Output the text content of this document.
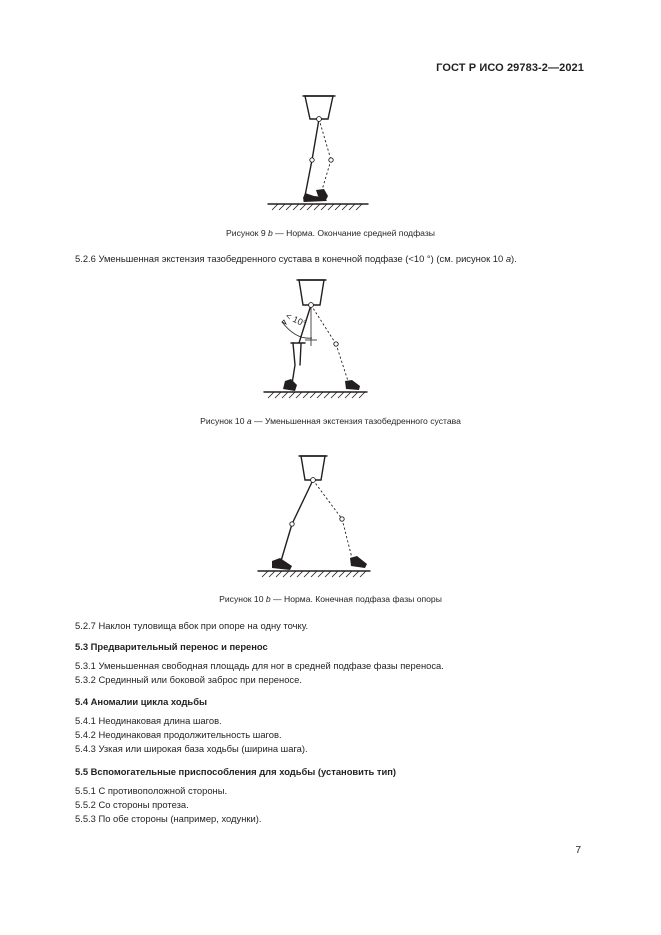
ГОСТ Р ИСО 29783-2—2021
Рисунок 9 b — Норма. Окончание средней подфазы
5.2.6 Уменьшенная экстензия тазобедренного сустава в конечной подфазе (<10 °) (см. рисунок 10 a).
< 10°
Рисунок 10 a — Уменьшенная экстензия тазобедренного сустава
Рисунок 10 b — Норма. Конечная подфаза фазы опоры
5.2.7 Наклон туловища вбок при опоре на одну точку.
5.3 Предварительный перенос и перенос
5.3.1 Уменьшенная свободная площадь для ног в средней подфазе фазы переноса.
5.3.2 Срединный или боковой заброс при переносе.
5.4 Аномалии цикла ходьбы
5.4.1 Неодинаковая длина шагов.
5.4.2 Неодинаковая продолжительность шагов.
5.4.3 Узкая или широкая база ходьбы (ширина шага).
5.5 Вспомогательные приспособления для ходьбы (установить тип)
5.5.1 С противоположной стороны.
5.5.2 Со стороны протеза.
5.5.3 По обе стороны (например, ходунки).
7
